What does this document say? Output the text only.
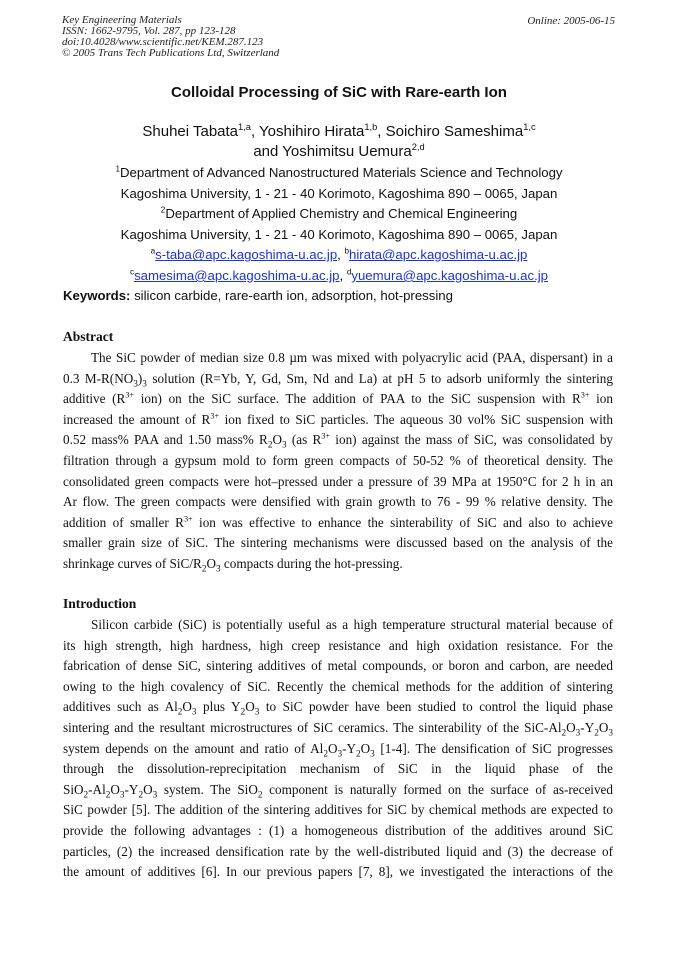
Key Engineering Materials
ISSN: 1662-9795, Vol. 287, pp 123-128
doi:10.4028/www.scientific.net/KEM.287.123
© 2005 Trans Tech Publications Ltd, Switzerland
Online: 2005-06-15
Colloidal Processing of SiC with Rare-earth Ion
Shuhei Tabata$^{1,a}$, Yoshihiro Hirata$^{1,b}$, Soichiro Sameshima$^{1,c}$
and Yoshimitsu Uemura$^{2,d}$
$^1$Department of Advanced Nanostructured Materials Science and Technology
Kagoshima University, 1 - 21 - 40 Korimoto, Kagoshima 890 – 0065, Japan
$^2$Department of Applied Chemistry and Chemical Engineering
Kagoshima University, 1 - 21 - 40 Korimoto, Kagoshima 890 – 0065, Japan
$^a$s-taba@apc.kagoshima-u.ac.jp, $^b$hirata@apc.kagoshima-u.ac.jp
$^c$samesima@apc.kagoshima-u.ac.jp, $^d$yuemura@apc.kagoshima-u.ac.jp
Keywords: silicon carbide, rare-earth ion, adsorption, hot-pressing
Abstract
The SiC powder of median size 0.8 µm was mixed with polyacrylic acid (PAA, dispersant) in a
0.3 $M-R(NO_3)_3$ solution (R=Yb, Y, Gd, Sm, Nd and La) at pH 5 to adsorb uniformly the sintering
additive ($R^{3+}$ ion) on the SiC surface. The addition of PAA to the SiC suspension with $R^{3+}$ ion
increased the amount of $R^{3+}$ ion fixed to SiC particles. The aqueous 30 vol% SiC suspension with
0.52 mass% PAA and 1.50 mass% $R_2O_3$ (as $R^{3+}$ ion) against the mass of SiC, was consolidated by
filtration through a gypsum mold to form green compacts of 50-52 % of theoretical density. The
consolidated green compacts were hot–pressed under a pressure of 39 MPa at 1950°C for 2 h in an
Ar flow. The green compacts were densified with grain growth to 76 - 99 % relative density. The
addition of smaller $R^{3+}$ ion was effective to enhance the sinterability of SiC and also to achieve
smaller grain size of SiC. The sintering mechanisms were discussed based on the analysis of the
shrinkage curves of SiC/$R_2O_3$ compacts during the hot-pressing.
Introduction
Silicon carbide (SiC) is potentially useful as a high temperature structural material because of
its high strength, high hardness, high creep resistance and high oxidation resistance. For the
fabrication of dense SiC, sintering additives of metal compounds, or boron and carbon, are needed
owing to the high covalency of SiC. Recently the chemical methods for the addition of sintering
additives such as $Al_2O_3$ plus $Y_2O_3$ to SiC powder have been studied to control the liquid phase
sintering and the resultant microstructures of SiC ceramics. The sinterability of the SiC-$Al_2O_3-Y_2O_3$
system depends on the amount and ratio of $Al_2O_3-Y_2O_3$ [1-4]. The densification of SiC progresses
through the dissolution-reprecipitation mechanism of SiC in the liquid phase of the
$SiO_2-Al_2O_3-Y_2O_3$ system. The SiO$_2$ component is naturally formed on the surface of as-received
SiC powder [5]. The addition of the sintering additives for SiC by chemical methods are expected to
provide the following advantages : (1) a homogeneous distribution of the additives around SiC
particles, (2) the increased densification rate by the well-distributed liquid and (3) the decrease of
the amount of additives [6]. In our previous papers [7, 8], we investigated the interactions of the
